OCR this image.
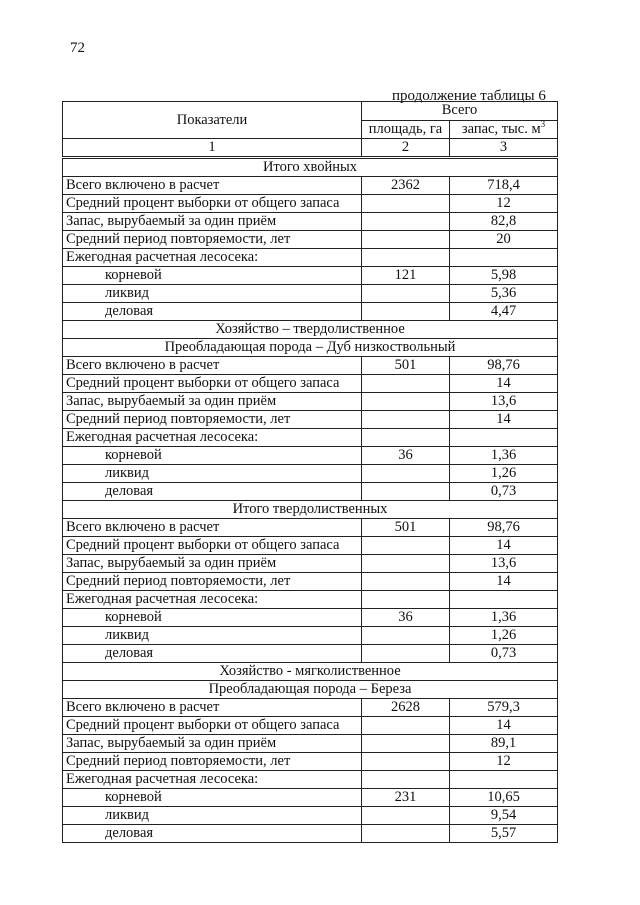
72
продолжение таблицы 6
Показатели	Всего	
	площадь, га	запас, тыс. $м^3$
1	2	3
Итого хвойных		
Всего включено в расчет	2362	718,4
Средний процент выборки от общего запаса		12
Запас, вырубаемый за один приём		82,8
Средний период повторяемости, лет		20
Ежегодная расчетная лесосека:		
корневой	121	5,98
ликвид		5,36
деловая		4,47
Хозяйство – твердолиственное		
Преобладающая порода – Дуб низкоствольный		
Всего включено в расчет	501	98,76
Средний процент выборки от общего запаса		14
Запас, вырубаемый за один приём		13,6
Средний период повторяемости, лет		14
Ежегодная расчетная лесосека:		
корневой	36	1,36
ликвид		1,26
деловая		0,73
Итого твердолиственных		
Всего включено в расчет	501	98,76
Средний процент выборки от общего запаса		14
Запас, вырубаемый за один приём		13,6
Средний период повторяемости, лет		14
Ежегодная расчетная лесосека:		
корневой	36	1,36
ликвид		1,26
деловая		0,73
Хозяйство - мягколиственное		
Преобладающая порода – Береза		
Всего включено в расчет	2628	579,3
Средний процент выборки от общего запаса		14
Запас, вырубаемый за один приём		89,1
Средний период повторяемости, лет		12
Ежегодная расчетная лесосека:		
корневой	231	10,65
ликвид		9,54
деловая		5,57
